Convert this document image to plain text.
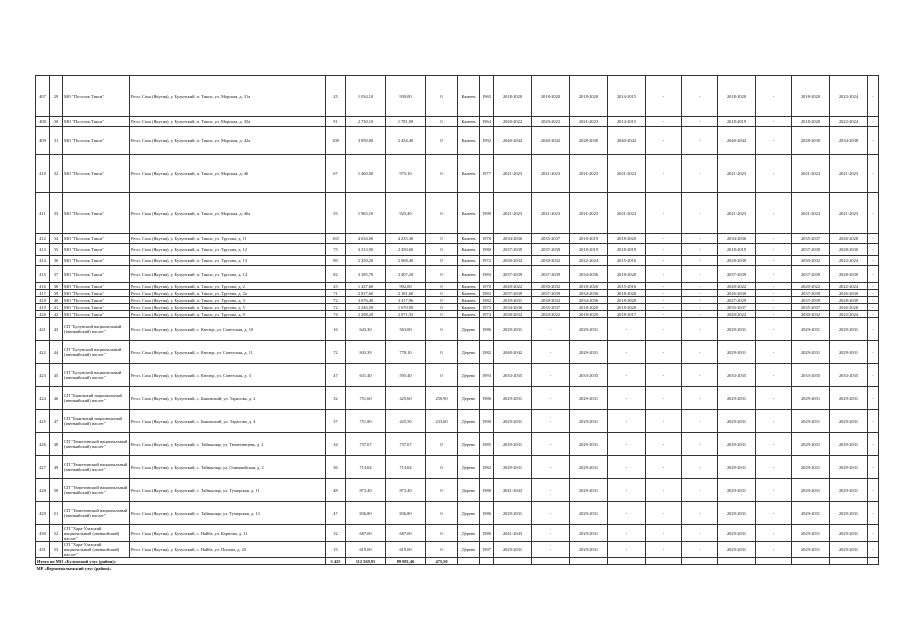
407	29	МО "Поселок Тикси"	Респ. Саха (Якутия), у. Булунский, п. Тикси, ул. Морская, д. 31а	25	1 034,10	939,00	0	Камень	1965	2018-2020	2018-2020	2018-2020	2014-2015	-	-	2018-2020	-	2018-2020	2022-2024	-
408	30	МО "Поселок Тикси"	Респ. Саха (Якутия), у. Булунский, п. Тикси, ул. Морская, д. 35а	91	2 730,10	1 781,00	0	Камень	1964	2020-2022	2020-2022	2021-2023	2014-2015	-	-	2018-2019	-	2018-2020	2022-2024	-
409	31	МО "Поселок Тикси"	Респ. Саха (Якутия), у. Булунский, п. Тикси, ул. Морская, д. 42а	100	3 850,00	2 434,40	0	Камень	1992	2040-2042	2040-2042	2028-2030	2040-2042	-	-	2040-2042	-	2028-2030	2034-2038	-
410	32	МО "Поселок Тикси"	Респ. Саха (Якутия), у. Булунский, п. Тикси, ул. Морская, д. 46	67	1 400,00	975,10	0	Камень	1977	2021-2023	2021-2023	2021-2023	2021-2023	-	-	2021-2023	-	2021-2023	2021-2023	-
411	33	МО "Поселок Тикси"	Респ. Саха (Якутия), у. Булунский, п. Тикси, ул. Морская, д. 46а	55	1 965,10	923,40	0	Камень	1999	2021-2023	2021-2023	2021-2023	2021-2023	-	-	2021-2023	-	2021-2023	2021-2023	-
412	34	МО "Поселок Тикси"	Респ. Саха (Якутия), у. Булунский, п. Тикси, ул. Трусова, д. 11	165	4 634,00	4 235,30	0	Камень	1976	2034-2036	2035-2037	2018-2019	2018-2020	-	-	2034-2036	-	2035-2037	2026-2028	-
413	35	МО "Поселок Тикси"	Респ. Саха (Якутия), у. Булунский, п. Тикси, ул. Трусова, д. 12	75	3 313,90	2 450,60	0	Камень	1980	2037-2039	2037-2039	2018-2019	2018-2019	-	-	2018-2019	-	2037-2039	2028-2030	-
414	36	МО "Поселок Тикси"	Респ. Саха (Якутия), у. Булунский, п. Тикси, ул. Трусова, д. 13	89	2 250,20	2 068,40	0	Камень	1972	2030-2032	2030-2032	2022-2024	2015-2016	-	-	2028-2030	-	2030-2032	2022-2024	-
415	37	МО "Поселок Тикси"	Респ. Саха (Якутия), у. Булунский, п. Тикси, ул. Трусова, д. 14	82	3 185,70	2 407,20	0	Камень	1983	2037-2039	2037-2039	2034-2036	2018-2020	-	-	2037-2039	-	2037-2039	2028-2030	-
416	38	МО "Поселок Тикси"	Респ. Саха (Якутия), у. Булунский, п. Тикси, ул. Трусова, д. 2	25	1 437,60	992,00	0	Камень	1970	2020-2022	2030-2032	2018-2020	2015-2016	-	-	2020-2022	-	2020-2022	2022-2024	-
417	39	МО "Поселок Тикси"	Респ. Саха (Якутия), у. Булунский, п. Тикси, ул. Трусова, д. 2а	71	2 817,60	2 181,60	0	Камень	1983	2037-2039	2037-2039	2034-2036	2018-2020	-	-	2026-2030	-	2037-2039	2026-2030	-
418	40	МО "Поселок Тикси"	Респ. Саха (Якутия), у. Булунский, п. Тикси, ул. Трусова, д. 3	72	3 676,40	3 417,96	0	Камень	1982	2029-2031	2030-2032	2034-2036	2018-2020	-	-	2027-2029	-	2037-2039	2028-2030	-
419	41	МО "Поселок Тикси"	Респ. Саха (Якутия), у. Булунский, п. Тикси, ул. Трусова, д. 5	72	2 246,50	1 670,90	0	Камень	1975	2034-2036	2035-2037	2018-2020	2018-2020	-	-	2035-2037	-	2035-2037	2026-2028	-
420	42	МО "Поселок Тикси"	Респ. Саха (Якутия), у. Булунский, п. Тикси, ул. Трусова, д. 9	74	2 298,20	2 071,35	0	Камень	1974	2030-2032	2020-2022	2018-2020	2018-2017	-	-	2020-2022	-	2030-2032	2022-2024	-
421	43	СП "Булунский национальный (эвенкийский) наслег"	Респ. Саха (Якутия), у. Булунский, с. Кюсюр, ул. Советская, д. 10	16	643,30	563,00	0	Дерево	1986	2029-2031	-	2029-2031	-	-	-	2029-2031	-	2029-2031	2029-2031	-
422	44	СП "Булунский национальный (эвенкийский) наслег"	Респ. Саха (Якутия), у. Булунский, с. Кюсюр, ул. Советская, д. 11	72	843,39	778,10	0	Дерево	1982	2040-2042	-	2029-2031	-	-	-	2029-2031	-	2029-2031	2029-2031	-
423	45	СП "Булунский национальный (эвенкийский) наслег"	Респ. Саха (Якутия), у. Булунский, с. Кюсюр, ул. Советская, д. 3	47	631,40	595,40	0	Дерево	1993	2033-2035	-	2033-2035	-	-	-	2033-2035	-	2033-2035	2033-2035	-
424	46	СП "Быковский национальный (эвенкийский) наслег"	Респ. Саха (Якутия), у. Булунский, с. Быковский, ул. Тарасова, д. 2	32	751,60	425,60	250,90	Дерево	1986	2029-2031	-	2029-2031	-	-	-	2029-2031	-	2029-2031	2029-2031	-
425	47	СП "Быковский национальный (эвенкийский) наслег"	Респ. Саха (Якутия), у. Булунский, с. Быковский, ул. Тарасова, д. 4	37	751,80	425,50	233,60	Дерево	1990	2029-2031	-	2029-2031	-	-	-	2029-2031	-	2029-2031	2029-2031	-
426	48	СП "Тюметинский национальный (эвенкийский) наслег"	Респ. Саха (Якутия), у. Булунский, с. Таймылыр, ул. Тюметинцева, д. 2	34	737,67	737,67	0	Дерево	1985	2029-2031	-	2029-2031	-	-	-	2029-2031	-	2029-2031	2029-2031	-
427	49	СП "Тюметинский национальный (эвенкийский) наслег"	Респ. Саха (Якутия), у. Булунский, с. Таймылыр, ул. Олимпийская, д. 2	36	713,04	713,04	0	Дерево	1982	2029-2031	-	2029-2031	-	-	-	2029-2031	-	2029-2031	2029-2031	-
428	50	СП "Тюметинский национальный (эвенкийский) наслег"	Респ. Саха (Якутия), у. Булунский, с. Таймылыр, ул. Тумарская, д. 11	48	873,40	873,40	0	Дерево	1988	2041-2043	-	2029-2031	-	-	-	2029-2031	-	2029-2031	2029-2031	-
429	51	СП "Тюметинский национальный (эвенкийский) наслег"	Респ. Саха (Якутия), у. Булунский, с. Таймылыр, ул. Тумарская, д. 13	47	836,80	836,80	0	Дерево	1986	2029-2031	-	2029-2031	-	-	-	2029-2031	-	2029-2031	2029-2031	-
430	52	СП "Хара-Улахский национальный (эвенкийский) наслег"	Респ. Саха (Якутия), у. Булунский, с. Найба, ул. Корнова, д. 11	32	687,00	687,00	0	Дерево	1986	2041-2043	-	2029-2031	-	-	-	2029-2031	-	2029-2031	2029-2031	-
431	53	СП "Хара-Улахский национальный (эвенкийский) наслег"	Респ. Саха (Якутия), у. Булунский, с. Найба, ул. Попова, д. 20	15	619,00	619,00	0	Дерево	1997	2029-2031	-	2029-2031	-	-	-	2029-2031	-	2029-2031	2029-2031	-
Итого по МО «Булунский улус (район)»				3 425	112 569,91	89 081,46	475,50													
МР «Верхнеколымский улус (район)»																				
